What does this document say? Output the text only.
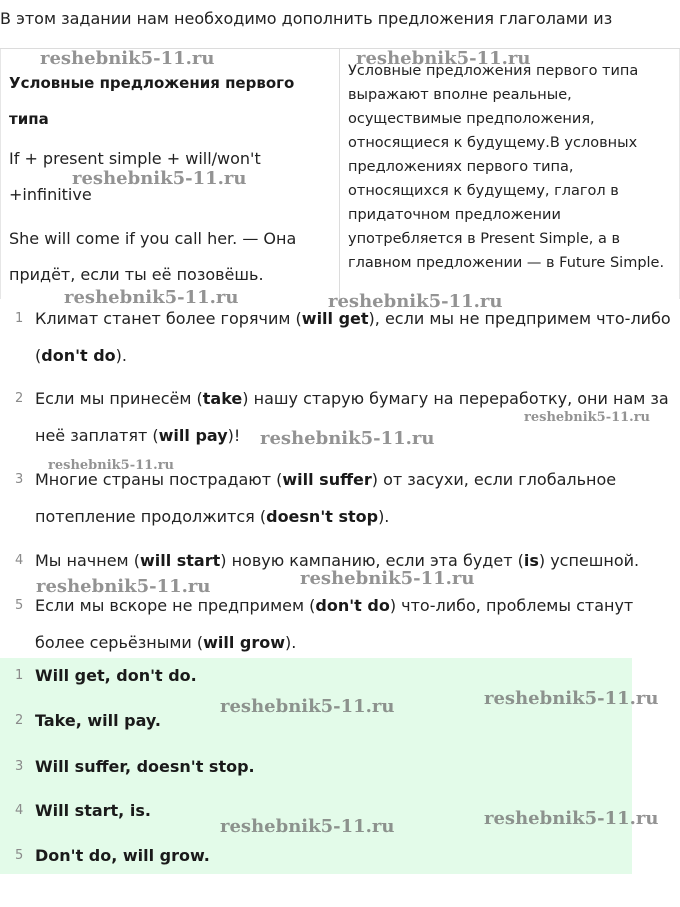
В этом задании нам необходимо дополнить предложения глаголами из
Условные предложения первого типа
If + present simple + will/won't +infinitive
She will come if you call her. — Она придёт, если ты её позовёшь.
Условные предложения первого типа выражают вполне реальные, осуществимые предположения, относящиеся к будущему.В условных предложениях первого типа, относящихся к будущему, глагол в придаточном предложении употребляется в Present Simple, а в главном предложении — в Future Simple.
1 Климат станет более горячим (will get), если мы не предпримем что-либо (don't do).
2 Если мы принесём (take) нашу старую бумагу на переработку, они нам за неё заплатят (will pay)!
3 Многие страны пострадают (will suffer) от засухи, если глобальное потепление продолжится (doesn't stop).
4 Мы начнем (will start) новую кампанию, если эта будет (is) успешной.
5 Если мы вскоре не предпримем (don't do) что-либо, проблемы станут более серьёзными (will grow).
1 Will get, don't do.
2 Take, will pay.
3 Will suffer, doesn't stop.
4 Will start, is.
5 Don't do, will grow.
reshebnik5-11.ru	reshebnik5-11.ru
reshebnik5-11.ru
reshebnik5-11.ru	reshebnik5-11.ru
reshebnik5-11.ru
reshebnik5-11.ru
reshebnik5-11.ru
reshebnik5-11.ru	reshebnik5-11.ru
reshebnik5-11.ru
reshebnik5-11.ru
reshebnik5-11.ru
reshebnik5-11.ru
